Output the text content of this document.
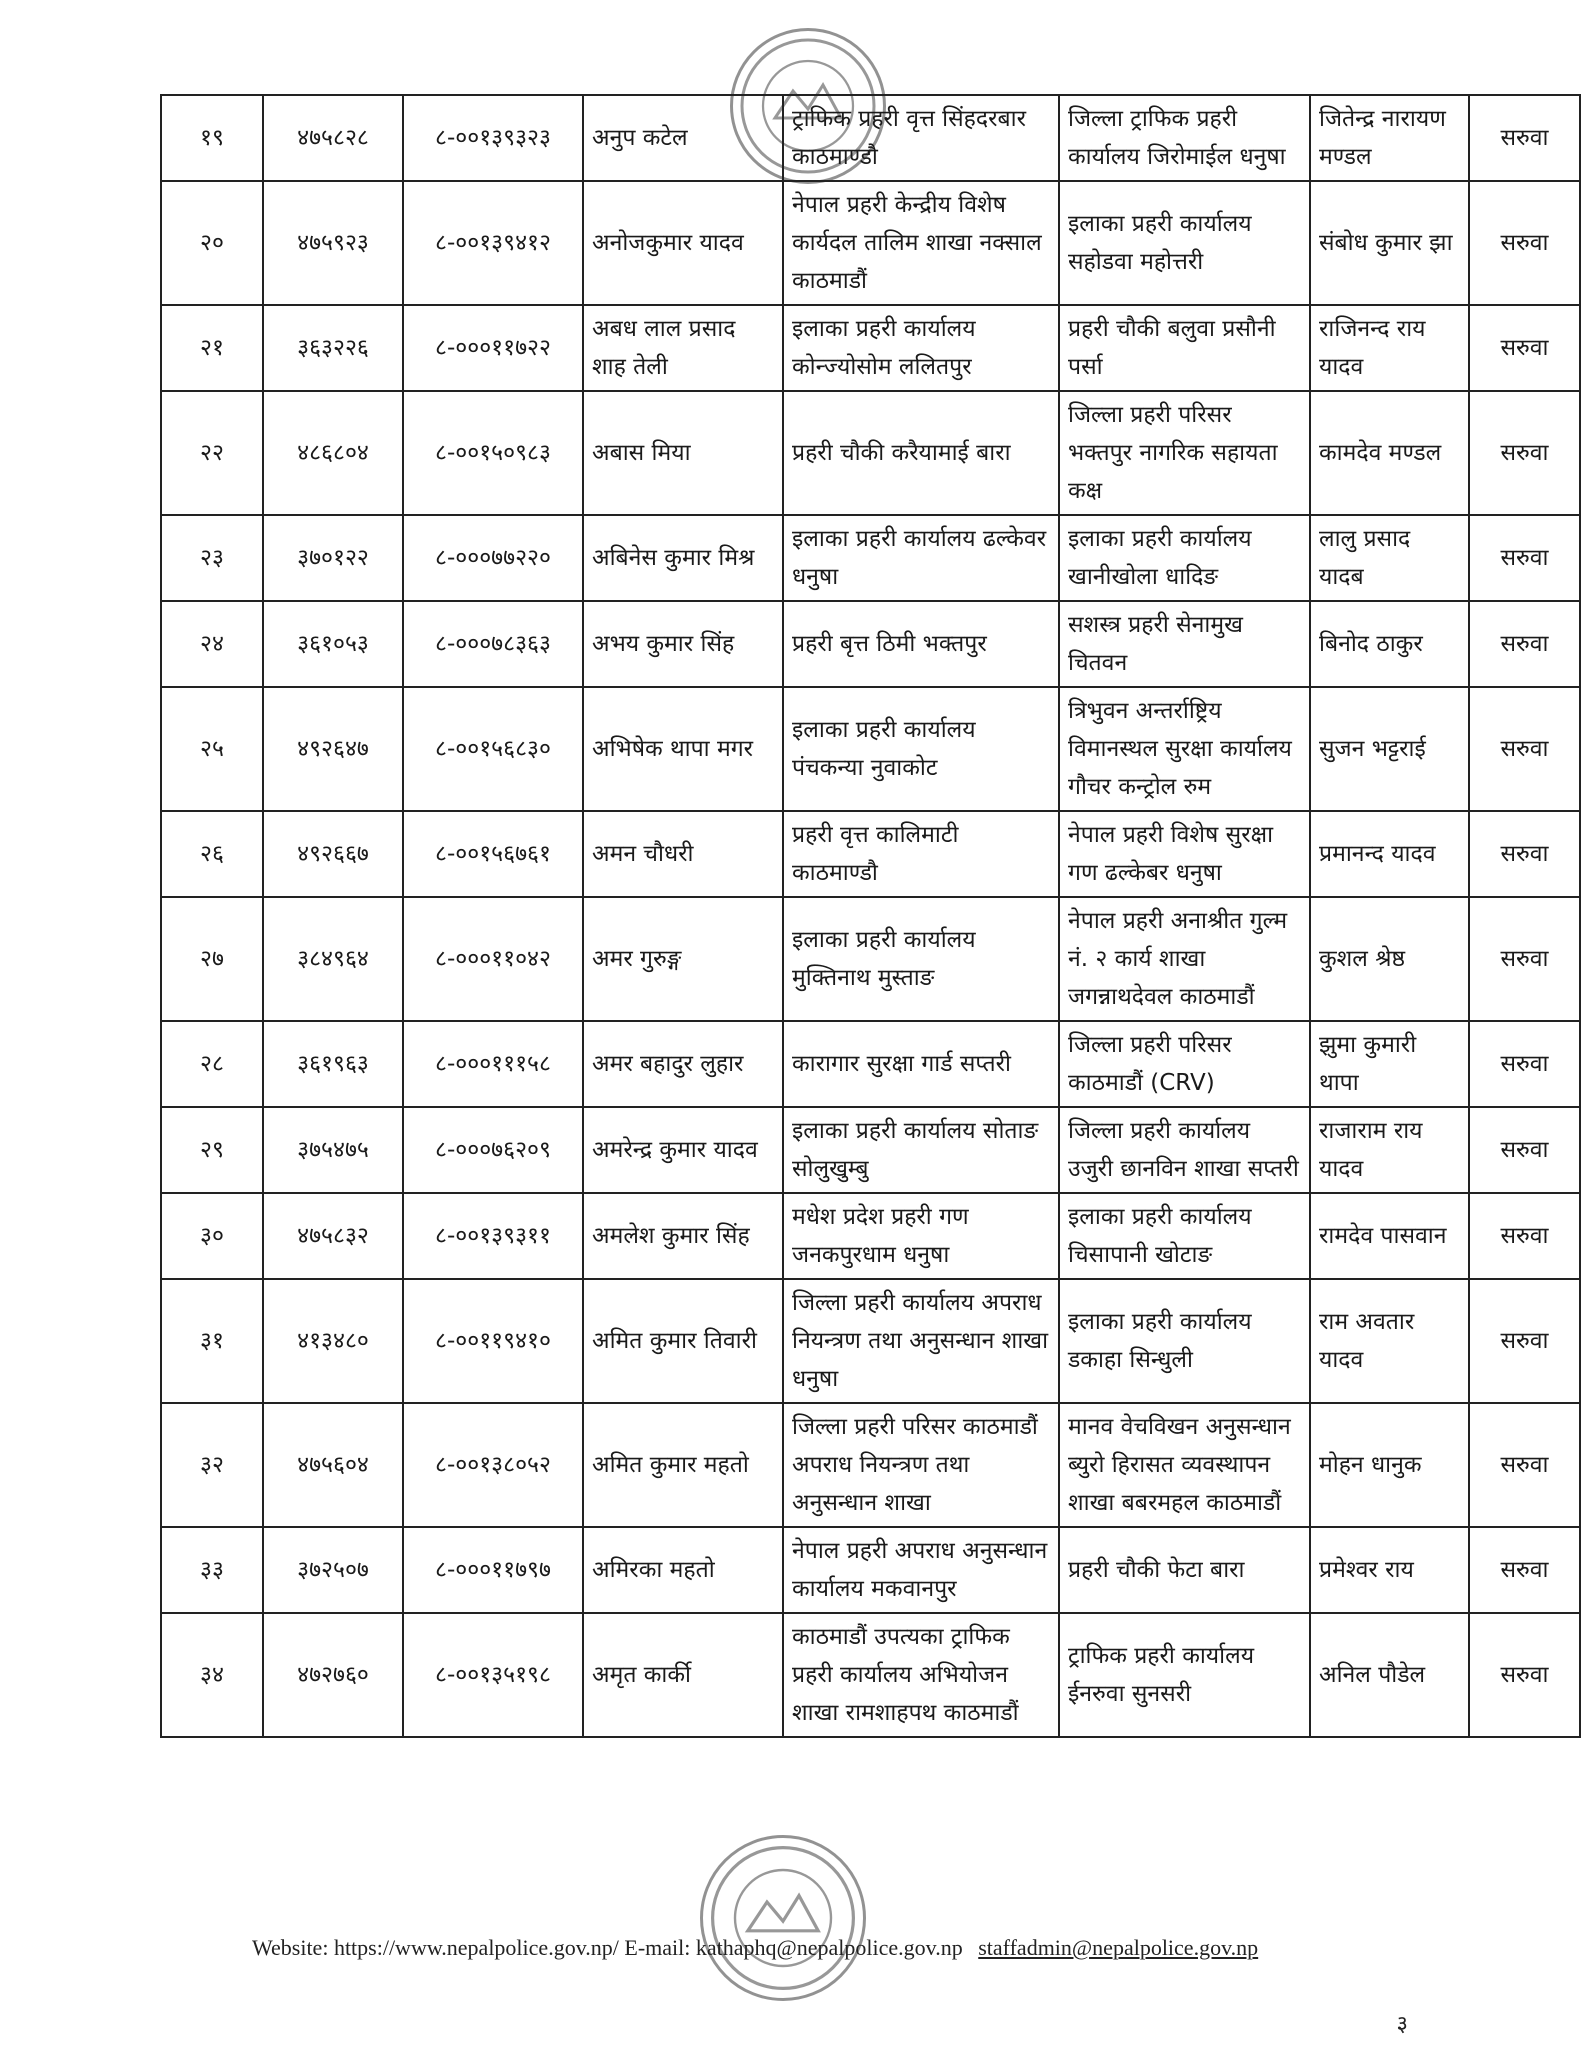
१९	४७५८२८	८-००१३९३२३	अनुप कटेल	ट्राफिक प्रहरी वृत्त सिंहदरबार काठमाण्डौ	जिल्ला ट्राफिक प्रहरी कार्यालय जिरोमाईल धनुषा	जितेन्द्र नारायण मण्डल	सरुवा
२०	४७५९२३	८-००१३९४१२	अनोजकुमार यादव	नेपाल प्रहरी केन्द्रीय विशेष कार्यदल तालिम शाखा नक्साल काठमाडौं	इलाका प्रहरी कार्यालय सहोडवा महोत्तरी	संबोध कुमार झा	सरुवा
२१	३६३२२६	८-०००११७२२	अबध लाल प्रसाद शाह तेली	इलाका प्रहरी कार्यालय कोन्ज्योसोम ललितपुर	प्रहरी चौकी बलुवा प्रसौनी पर्सा	राजिनन्द राय यादव	सरुवा
२२	४८६८०४	८-००१५०९८३	अबास मिया	प्रहरी चौकी करैयामाई बारा	जिल्ला प्रहरी परिसर भक्तपुर नागरिक सहायता कक्ष	कामदेव मण्डल	सरुवा
२३	३७०१२२	८-०००७७२२०	अबिनेस कुमार मिश्र	इलाका प्रहरी कार्यालय ढल्केवर धनुषा	इलाका प्रहरी कार्यालय खानीखोला धादिङ	लालु प्रसाद यादब	सरुवा
२४	३६१०५३	८-०००७८३६३	अभय कुमार सिंह	प्रहरी बृत्त ठिमी भक्तपुर	सशस्त्र प्रहरी सेनामुख चितवन	बिनोद ठाकुर	सरुवा
२५	४९२६४७	८-००१५६८३०	अभिषेक थापा मगर	इलाका प्रहरी कार्यालय पंचकन्या नुवाकोट	त्रिभुवन अन्तर्राष्ट्रिय विमानस्थल सुरक्षा कार्यालय गौचर कन्ट्रोल रुम	सुजन भट्टराई	सरुवा
२६	४९२६६७	८-००१५६७६१	अमन चौधरी	प्रहरी वृत्त कालिमाटी काठमाण्डौ	नेपाल प्रहरी विशेष सुरक्षा गण ढल्केबर धनुषा	प्रमानन्द यादव	सरुवा
२७	३८४९६४	८-०००११०४२	अमर गुरुङ्ग	इलाका प्रहरी कार्यालय मुक्तिनाथ मुस्ताङ	नेपाल प्रहरी अनाश्रीत गुल्म नं. २ कार्य शाखा जगन्नाथदेवल काठमाडौं	कुशल श्रेष्ठ	सरुवा
२८	३६१९६३	८-०००१११५८	अमर बहादुर लुहार	कारागार सुरक्षा गार्ड सप्तरी	जिल्ला प्रहरी परिसर काठमाडौं (CRV)	झुमा कुमारी थापा	सरुवा
२९	३७५४७५	८-०००७६२०९	अमरेन्द्र कुमार यादव	इलाका प्रहरी कार्यालय सोताङ सोलुखुम्बु	जिल्ला प्रहरी कार्यालय उजुरी छानविन शाखा सप्तरी	राजाराम राय यादव	सरुवा
३०	४७५८३२	८-००१३९३११	अमलेश कुमार सिंह	मधेश प्रदेश प्रहरी गण जनकपुरधाम धनुषा	इलाका प्रहरी कार्यालय चिसापानी खोटाङ	रामदेव पासवान	सरुवा
३१	४१३४८०	८-००११९४१०	अमित कुमार तिवारी	जिल्ला प्रहरी कार्यालय अपराध नियन्त्रण तथा अनुसन्धान शाखा धनुषा	इलाका प्रहरी कार्यालय डकाहा सिन्धुली	राम अवतार यादव	सरुवा
३२	४७५६०४	८-००१३८०५२	अमित कुमार महतो	जिल्ला प्रहरी परिसर काठमाडौं अपराध नियन्त्रण तथा अनुसन्धान शाखा	मानव वेचविखन अनुसन्धान ब्युरो हिरासत व्यवस्थापन शाखा बबरमहल काठमाडौं	मोहन धानुक	सरुवा
३३	३७२५०७	८-०००११७९७	अमिरका महतो	नेपाल प्रहरी अपराध अनुसन्धान कार्यालय मकवानपुर	प्रहरी चौकी फेटा बारा	प्रमेश्वर राय	सरुवा
३४	४७२७६०	८-००१३५१९८	अमृत कार्की	काठमाडौं उपत्यका ट्राफिक प्रहरी कार्यालय अभियोजन शाखा रामशाहपथ काठमाडौं	ट्राफिक प्रहरी कार्यालय ईनरुवा सुनसरी	अनिल पौडेल	सरुवा
Website: https://www.nepalpolice.gov.np/ E-mail: kathaphq@nepalpolice.gov.np staffadmin@nepalpolice.gov.np
३
